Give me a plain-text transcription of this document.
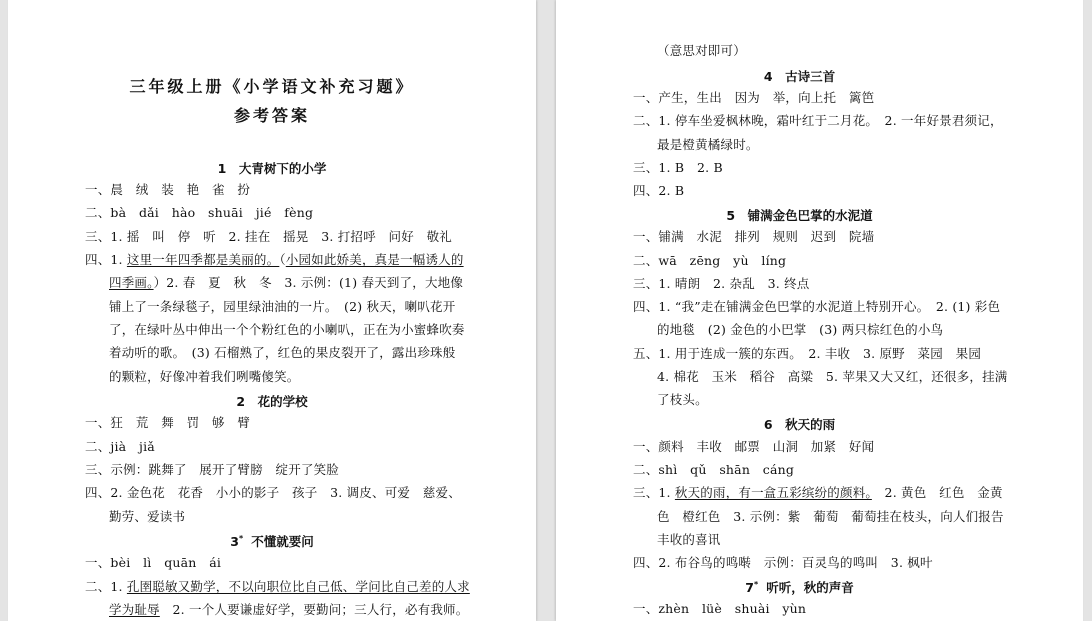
三年级上册《小学语文补充习题》
参考答案
1　大青树下的小学
一、晨　绒　装　艳　雀　扮
二、bà　dǎi　hào　shuāi　jié　fèng
三、1. 摇　叫　停　听　2. 挂在　摇晃　3. 打招呼　问好　敬礼
四、1. 这里一年四季都是美丽的。（小园如此娇美，真是一幅诱人的
四季画。）2. 春　夏　秋　冬　3. 示例：(1) 春天到了，大地像
铺上了一条绿毯子，园里绿油油的一片。　(2) 秋天，喇叭花开
了，在绿叶丛中伸出一个个粉红色的小喇叭，正在为小蜜蜂吹奏
着动听的歌。　(3) 石榴熟了，红色的果皮裂开了，露出珍珠般
的颗粒，好像冲着我们咧嘴傻笑。
2　花的学校
一、狂　荒　舞　罚　够　臂
二、jià　jiǎ
三、示例：跳舞了　展开了臂膀　绽开了笑脸
四、2. 金色花　花香　小小的影子　孩子　3. 调皮、可爱　慈爱、
勤劳、爱读书
3* 不懂就要问
一、bèi　lì　quān　ái
二、1. 孔圉聪敏又勤学，不以向职位比自己低、学问比自己差的人求
学为耻辱　2. 一个人要谦虚好学，要勤问；三人行，必有我师。
（意思对即可）
4　古诗三首
一、产生，生出　因为　举，向上托　篱笆
二、1. 停车坐爱枫林晚，霜叶红于二月花。　2. 一年好景君须记，
最是橙黄橘绿时。
三、1. B　2. B
四、2. B
5　铺满金色巴掌的水泥道
一、铺满　水泥　排列　规则　迟到　院墙
二、wā　zēng　yù　líng
三、1. 晴朗　2. 杂乱　3. 终点
四、1. “我”走在铺满金色巴掌的水泥道上特别开心。　2. (1) 彩色
的地毯　(2) 金色的小巴掌　(3) 两只棕红色的小鸟
五、1. 用于连成一簇的东西。　2. 丰收　3. 原野　菜园　果园
4. 棉花　玉米　稻谷　高粱　5. 苹果又大又红，还很多，挂满
了枝头。
6　秋天的雨
一、颜料　丰收　邮票　山洞　加紧　好闻
二、shì　qǔ　shān　cáng
三、1. 秋天的雨，有一盒五彩缤纷的颜料。　2. 黄色　红色　金黄
色　橙红色　3. 示例：紫　葡萄　葡萄挂在枝头，向人们报告
丰收的喜讯
四、2. 布谷鸟的鸣啭　示例：百灵鸟的鸣叫　3. 枫叶
7* 听听，秋的声音
一、zhèn　lüè　shuài　yùn
